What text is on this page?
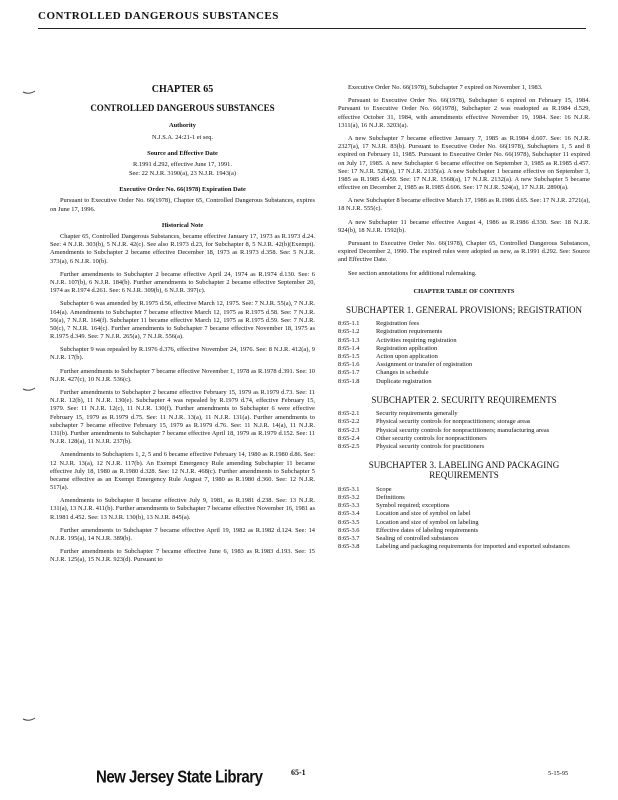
CONTROLLED DANGEROUS SUBSTANCES
CHAPTER 65
CONTROLLED DANGEROUS SUBSTANCES
Authority
N.J.S.A. 24:21-1 et seq.
Source and Effective Date
R.1991 d.292, effective June 17, 1991.
See: 22 N.J.R. 3190(a), 23 N.J.R. 1943(a)
Executive Order No. 66(1978) Expiration Date

Pursuant to Executive Order No. 66(1978), Chapter 65, Controlled Dangerous Substances, expires on June 17, 1996.

Historical Note

Chapter 65, Controlled Dangerous Substances, became effective January 17, 1973 as R.1973 d.24. See: 4 N.J.R. 303(b), 5 N.J.R. 42(c). See also R.1973 d.23, for Subchapter 8, 5 N.J.R. 42(b)(Exempt). Amendments to Subchapter 2 became effective December 18, 1973 as R.1973 d.358. See: 5 N.J.R. 373(a), 6 N.J.R. 10(b).

Further amendments to Subchapter 2 became effective April 24, 1974 as R.1974 d.130. See: 6 N.J.R. 107(b), 6 N.J.R. 184(b). Further amendments to Subchapter 2 became effective September 20, 1974 as R.1974 d.261. See: 6 N.J.R. 309(b), 6 N.J.R. 397(c).

Subchapter 6 was amended by R.1975 d.56, effective March 12, 1975. See: 7 N.J.R. 55(a), 7 N.J.R. 164(a). Amendments to Subchapter 7 became effective March 12, 1975 as R.1975 d.58. See: 7 N.J.R. 56(a), 7 N.J.R. 164(f). Subchapter 11 became effective March 12, 1975 as R.1975 d.59. See: 7 N.J.R. 50(c), 7 N.J.R. 164(c). Further amendments to Subchapter 7 became effective November 18, 1975 as R.1975 d.349. See: 7 N.J.R. 265(a), 7 N.J.R. 556(a).

Subchapter 9 was repealed by R.1976 d.376, effective November 24, 1976. See: 8 N.J.R. 412(a), 9 N.J.R. 17(b).

Further amendments to Subchapter 7 became effective November 1, 1978 as R.1978 d.391. See: 10 N.J.R. 427(c), 10 N.J.R. 536(c).

Further amendments to Subchapter 2 became effective February 15, 1979 as R.1979 d.73. See: 11 N.J.R. 12(b), 11 N.J.R. 130(e). Subchapter 4 was repealed by R.1979 d.74, effective February 15, 1979. See: 11 N.J.R. 12(c), 11 N.J.R. 130(f). Further amendments to Subchapter 6 were effective February 15, 1979 as R.1979 d.75. See: 11 N.J.R. 13(a), 11 N.J.R. 131(a). Further amendments to subchapter 7 became effective February 15, 1979 as R.1979 d.76. See: 11 N.J.R. 14(a), 11 N.J.R. 131(b). Further amendments to Subchapter 7 became effective April 18, 1979 as R.1979 d.152. See: 11 N.J.R. 128(a), 11 N.J.R. 237(b).

Amendments to Subchapters 1, 2, 5 and 6 became effective February 14, 1980 as R.1980 d.86. See: 12 N.J.R. 13(a), 12 N.J.R. 117(b). An Exempt Emergency Rule amending Subchapter 11 became effective July 18, 1980 as R.1980 d.328. See: 12 N.J.R. 468(c). Further amendments to Subchapter 5 became effective as an Exempt Emergency Rule August 7, 1980 as R.1980 d.360. See: 12 N.J.R. 517(a).

Amendments to Subchapter 8 became effective July 9, 1981, as R.1981 d.238. See: 13 N.J.R. 131(a), 13 N.J.R. 411(b). Further amendments to Subchapter 7 became effective November 16, 1981 as R.1981 d.452. See: 13 N.J.R. 130(b), 13 N.J.R. 845(a).

Further amendments to Subchapter 7 became effective April 19, 1982 as R.1982 d.124. See: 14 N.J.R. 195(a), 14 N.J.R. 389(b).

Further amendments to Subchapter 7 became effective June 6, 1983 as R.1983 d.193. See: 15 N.J.R. 125(a), 15 N.J.R. 923(d). Pursuant to

Executive Order No. 66(1978), Subchapter 7 expired on November 1, 1983.

Pursuant to Executive Order No. 66(1978), Subchapter 6 expired on February 15, 1984. Pursuant to Executive Order No. 66(1978), Subchapter 2 was readopted as R.1984 d.529, effective October 31, 1984, with amendments effective November 19, 1984. See: 16 N.J.R. 1311(a), 16 N.J.R. 3203(a).

A new Subchapter 7 became effective January 7, 1985 as R.1984 d.607. See: 16 N.J.R. 2327(a), 17 N.J.R. 83(b). Pursuant to Executive Order No. 66(1978), Subchapters 1, 5 and 8 expired on February 11, 1985. Pursuant to Executive Order No. 66(1978), Subchapter 11 expired on July 17, 1985. A new Subchapter 6 became effective on September 3, 1985 as R.1985 d.457. See: 17 N.J.R. 528(a), 17 N.J.R. 2135(a). A new Subchapter 1 became effective on September 3, 1985 as R.1985 d.459. See: 17 N.J.R. 1568(a), 17 N.J.R. 2132(a). A new Subchapter 5 became effective on December 2, 1985 as R.1985 d.606. See: 17 N.J.R. 524(a), 17 N.J.R. 2890(a).

A new Subchapter 8 became effective March 17, 1986 as R.1986 d.65. See: 17 N.J.R. 2721(a), 18 N.J.R. 555(c).

A new Subchapter 11 became effective August 4, 1986 as R.1986 d.330. See: 18 N.J.R. 924(b), 18 N.J.R. 1592(b).

Pursuant to Executive Order No. 66(1978), Chapter 65, Controlled Dangerous Substances, expired December 2, 1990. The expired rules were adopted as new, as R.1991 d.292. See: Source and Effective Date.

See section annotations for additional rulemaking.

CHAPTER TABLE OF CONTENTS
SUBCHAPTER 1. GENERAL PROVISIONS; REGISTRATION
8:65-1.1	Registration fees
8:65-1.2	Registration requirements
8:65-1.3	Activities requiring registration
8:65-1.4	Registration application
8:65-1.5	Action upon application
8:65-1.6	Assignment or transfer of registration
8:65-1.7	Changes in schedule
8:65-1.8	Duplicate registration
SUBCHAPTER 2. SECURITY REQUIREMENTS
8:65-2.1	Security requirements generally
8:65-2.2	Physical security controls for nonpractitioners; storage areas
8:65-2.3	Physical security controls for nonpractitioners; manufacturing areas
8:65-2.4	Other security controls for nonpractitioners
8:65-2.5	Physical security controls for practitioners
SUBCHAPTER 3. LABELING AND PACKAGING REQUIREMENTS
8:65-3.1	Scope
8:65-3.2	Definitions
8:65-3.3	Symbol required; exceptions
8:65-3.4	Location and size of symbol on label
8:65-3.5	Location and size of symbol on labeling
8:65-3.6	Effective dates of labeling requirements
8:65-3.7	Sealing of controlled substances
8:65-3.8	Labeling and packaging requirements for imported and exported substances
New Jersey State Library	65-1	5-15-95
